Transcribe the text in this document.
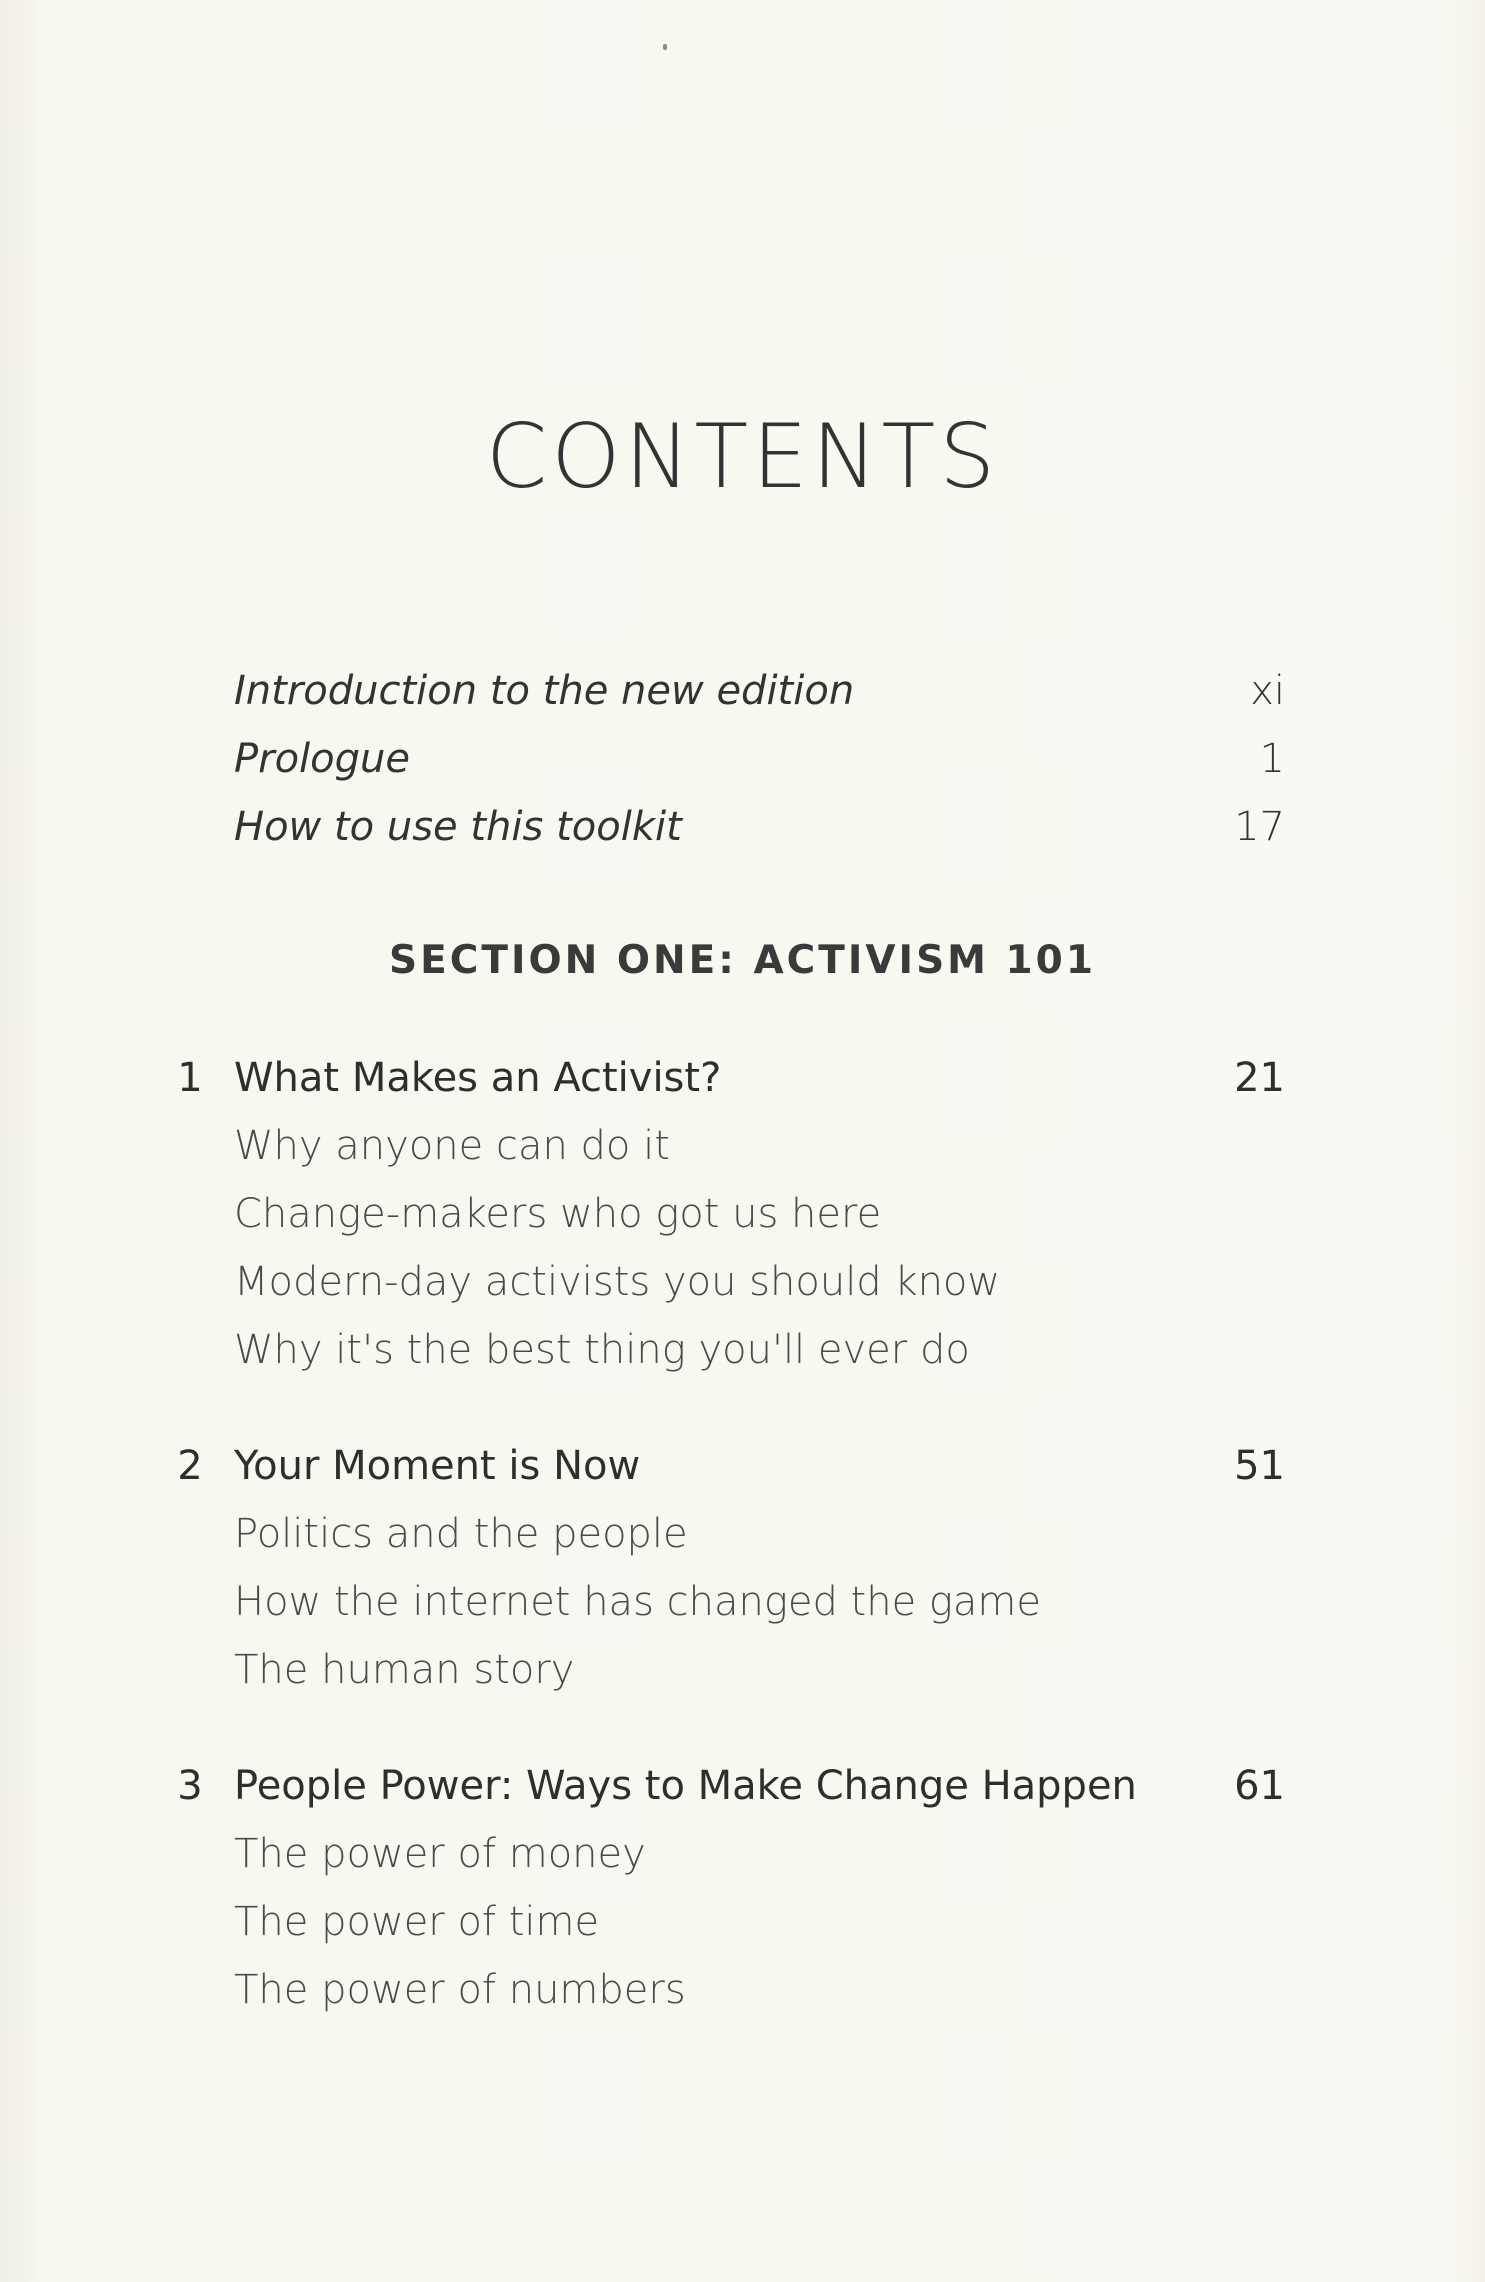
CONTENTS
Introduction to the new edition	xi
Prologue	1
How to use this toolkit	17
SECTION ONE: ACTIVISM 101
1 What Makes an Activist?	21
Why anyone can do it
Change-makers who got us here
Modern-day activists you should know
Why it's the best thing you'll ever do
2 Your Moment is Now	51
Politics and the people
How the internet has changed the game
The human story
3 People Power: Ways to Make Change Happen 61
The power of money
The power of time
The power of numbers
